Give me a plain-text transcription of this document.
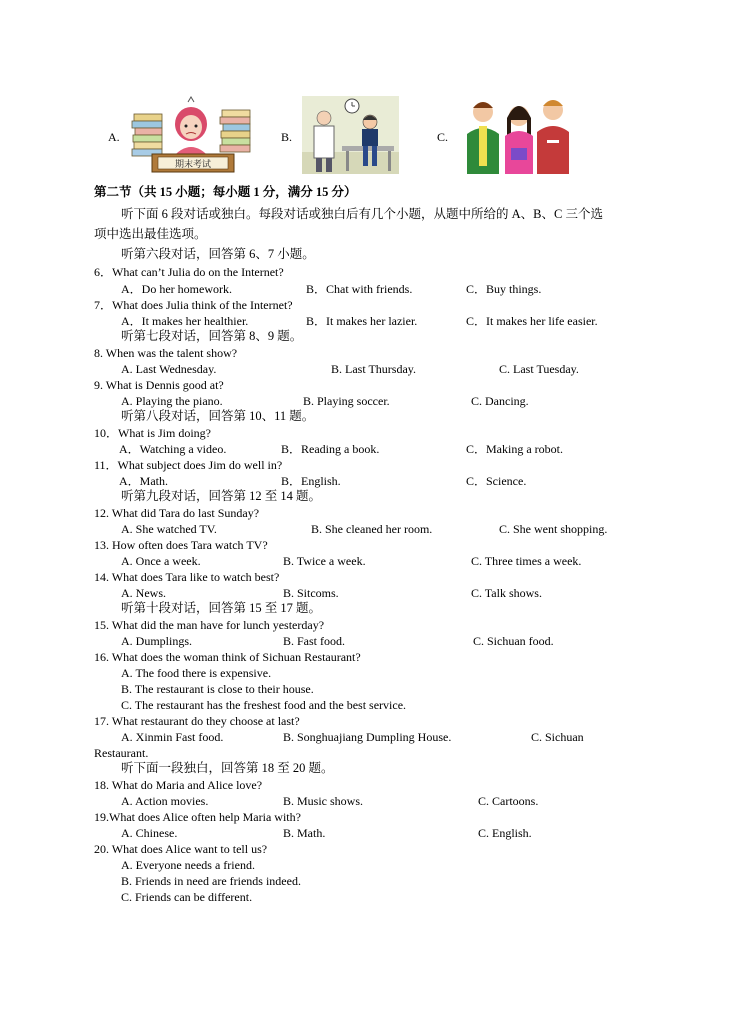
A.
期末考试
B.	C.
第二节（共 15 小题；每小题 1 分，满分 15 分）
听下面 6 段对话或独白。每段对话或独白后有几个小题，从题中所给的 A、B、C 三个选
项中选出最佳选项。
听第六段对话，回答第 6、7 小题。
6．What can’t Julia do on the Internet?
A．Do her homework.	B．Chat with friends.	C．Buy things.
7．What does Julia think of the Internet?
A．It makes her healthier.	B．It makes her lazier.	C．It makes her life easier.
听第七段对话，回答第 8、9 题。
8. When was the talent show?
A. Last Wednesday.	B. Last Thursday.	C. Last Tuesday.
9. What is Dennis good at?
A. Playing the piano.	B. Playing soccer.	C. Dancing.
听第八段对话，回答第 10、11 题。
10．What is Jim doing?
A．Watching a video.	B．Reading a book.	C．Making a robot.
11．What subject does Jim do well in?
A．Math.	B．English.	C．Science.
听第九段对话，回答第 12 至 14 题。
12. What did Tara do last Sunday?
A. She watched TV.	B. She cleaned her room.	C. She went shopping.
13. How often does Tara watch TV?
A. Once a week.	B. Twice a week.	C. Three times a week.
14. What does Tara like to watch best?
A. News.	B. Sitcoms.	C. Talk shows.
听第十段对话，回答第 15 至 17 题。
15. What did the man have for lunch yesterday?
A. Dumplings.	B. Fast food.	C. Sichuan food.
16. What does the woman think of Sichuan Restaurant?
A. The food there is expensive.
B. The restaurant is close to their house.
C. The restaurant has the freshest food and the best service.
17. What restaurant do they choose at last?
A. Xinmin Fast food.	B. Songhuajiang Dumpling House.	C. Sichuan
Restaurant.
听下面一段独白，回答第 18 至 20 题。
18. What do Maria and Alice love?
A. Action movies.	B. Music shows.	C. Cartoons.
19.What does Alice often help Maria with?
A. Chinese.	B. Math.	C. English.
20. What does Alice want to tell us?
A. Everyone needs a friend.
B. Friends in need are friends indeed.
C. Friends can be different.
